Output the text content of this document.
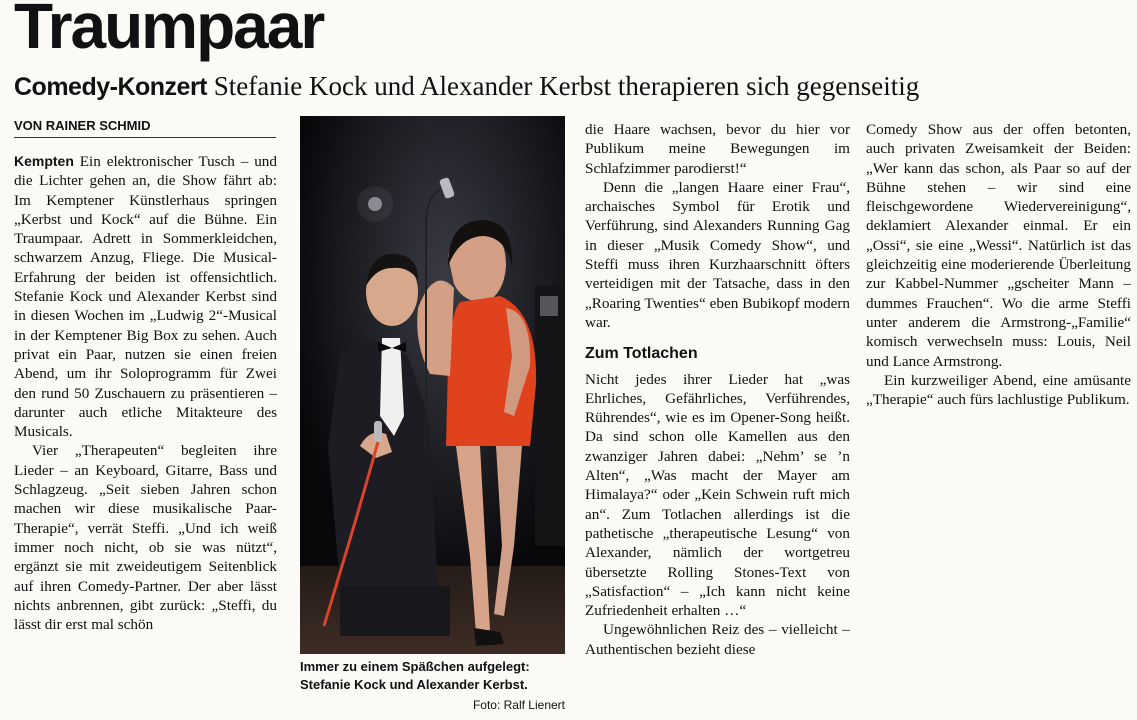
Traumpaar
Comedy-Konzert Stefanie Kock und Alexander Kerbst therapieren sich gegenseitig
VON RAINER SCHMID

Kempten Ein elektronischer Tusch – und die Lichter gehen an, die Show fährt ab: Im Kemptener Künstlerhaus springen „Kerbst und Kock“ auf die Bühne. Ein Traumpaar. Adrett in Sommerkleidchen, schwarzem Anzug, Fliege. Die Musical-Erfahrung der beiden ist offensichtlich. Stefanie Kock und Alexander Kerbst sind in diesen Wochen im „Ludwig 2“-Musical in der Kemptener Big Box zu sehen. Auch privat ein Paar, nutzen sie einen freien Abend, um ihr Soloprogramm für Zwei den rund 50 Zuschauern zu präsentieren – darunter auch etliche Mitakteure des Musicals.

Vier „Therapeuten“ begleiten ihre Lieder – an Keyboard, Gitarre, Bass und Schlagzeug. „Seit sieben Jahren schon machen wir diese musikalische Paar-Therapie“, verrät Steffi. „Und ich weiß immer noch nicht, ob sie was nützt“, ergänzt sie mit zweideutigem Seitenblick auf ihren Comedy-Partner. Der aber lässt nichts anbrennen, gibt zurück: „Steffi, du lässt dir erst mal schön

Immer zu einem Späßchen aufgelegt: Stefanie Kock und Alexander Kerbst.
Foto: Ralf Lienert

die Haare wachsen, bevor du hier vor Publikum meine Bewegungen im Schlafzimmer parodierst!“

Denn die „langen Haare einer Frau“, archaisches Symbol für Erotik und Verführung, sind Alexanders Running Gag in dieser „Musik Comedy Show“, und Steffi muss ihren Kurzhaarschnitt öfters verteidigen mit der Tatsache, dass in den „Roaring Twenties“ eben Bubikopf modern war.

Zum Totlachen

Nicht jedes ihrer Lieder hat „was Ehrliches, Gefährliches, Verführendes, Rührendes“, wie es im Opener-Song heißt. Da sind schon olle Kamellen aus den zwanziger Jahren dabei: „Nehm’ se ’n Alten“, „Was macht der Mayer am Himalaya?“ oder „Kein Schwein ruft mich an“. Zum Totlachen allerdings ist die pathetische „therapeutische Lesung“ von Alexander, nämlich der wortgetreu übersetzte Rolling Stones-Text von „Satisfaction“ – „Ich kann nicht keine Zufriedenheit erhalten …“

Ungewöhnlichen Reiz des – vielleicht – Authentischen bezieht diese

Comedy Show aus der offen betonten, auch privaten Zweisamkeit der Beiden: „Wer kann das schon, als Paar so auf der Bühne stehen – wir sind eine fleischgewordene Wiedervereinigung“, deklamiert Alexander einmal. Er ein „Ossi“, sie eine „Wessi“. Natürlich ist das gleichzeitig eine moderierende Überleitung zur Kabbel-Nummer „gscheiter Mann – dummes Frauchen“. Wo die arme Steffi unter anderem die Armstrong-„Familie“ komisch verwechseln muss: Louis, Neil und Lance Armstrong.

Ein kurzweiliger Abend, eine amüsante „Therapie“ auch fürs lachlustige Publikum.
